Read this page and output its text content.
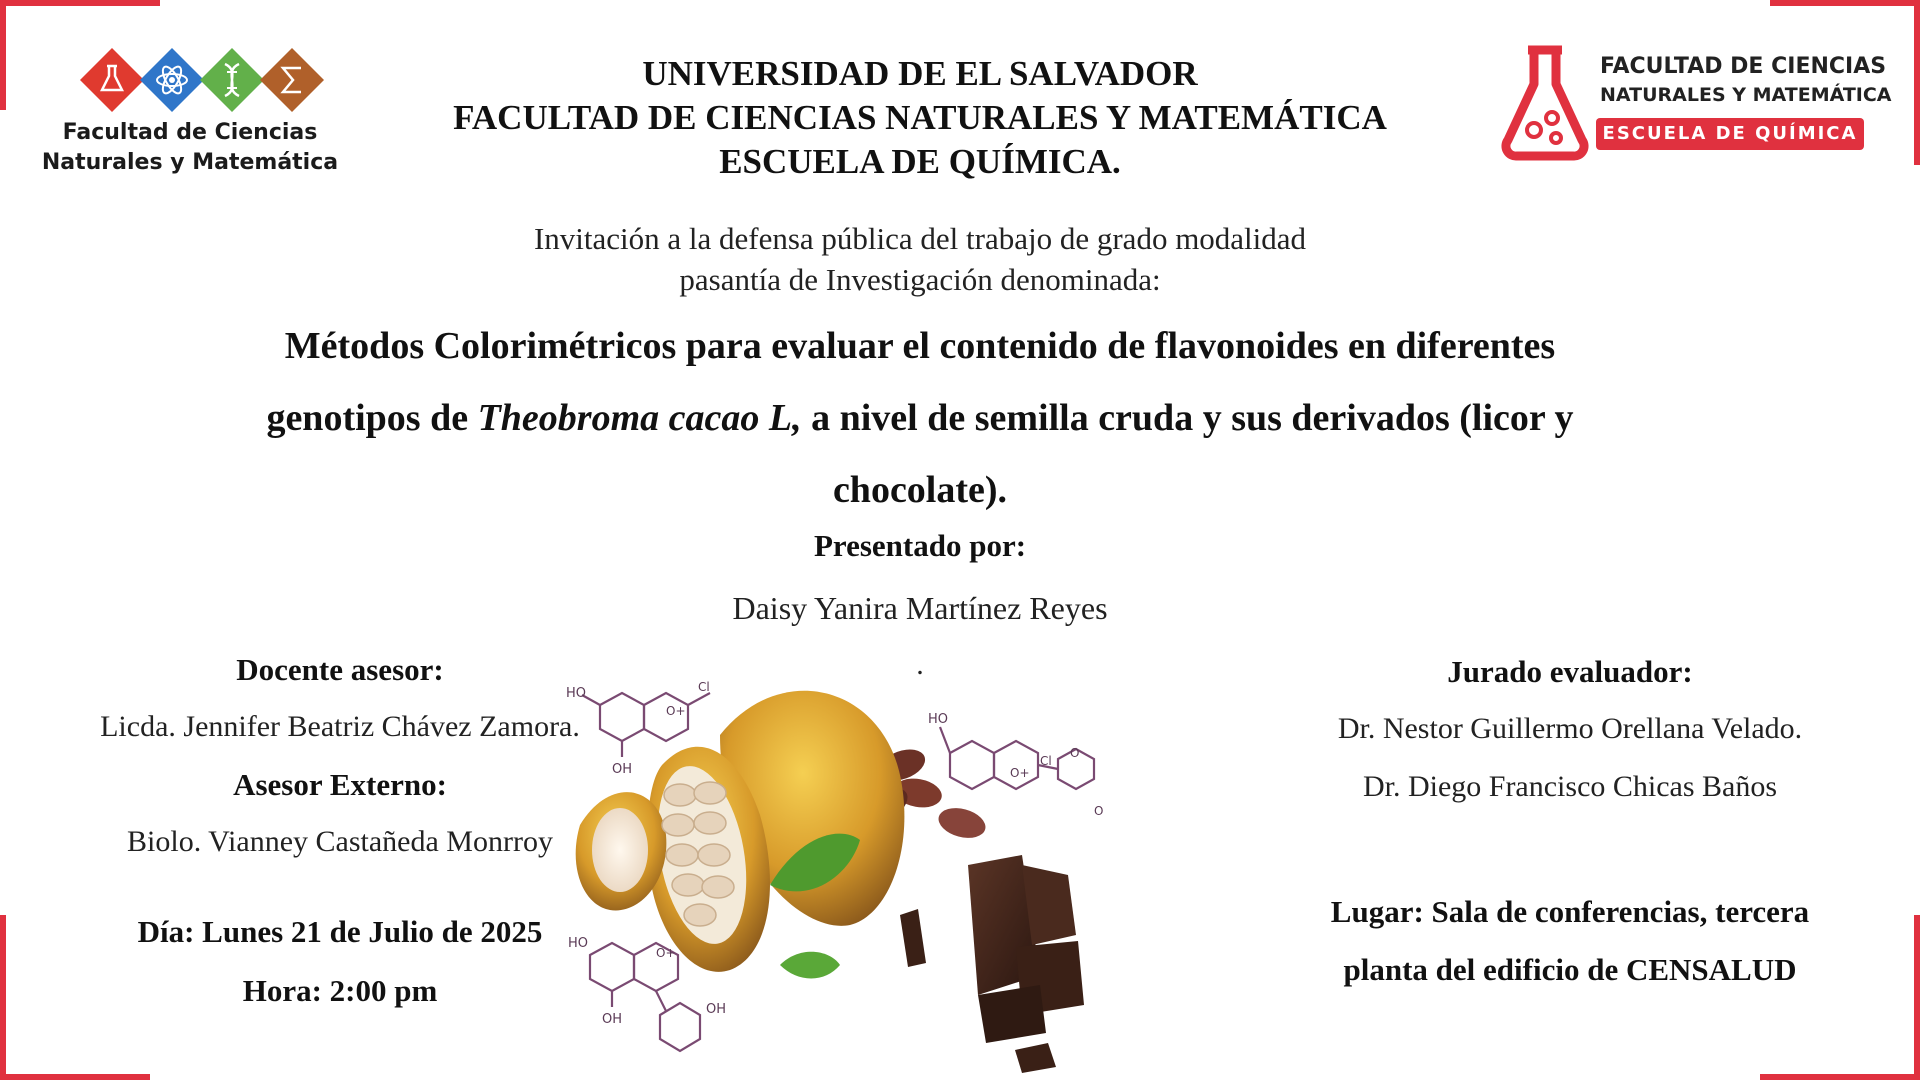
Facultad de Ciencias
Naturales y Matemática
UNIVERSIDAD DE EL SALVADOR
FACULTAD DE CIENCIAS NATURALES Y MATEMÁTICA
ESCUELA DE QUÍMICA.
FACULTAD DE CIENCIAS
NATURALES Y MATEMÁTICA
ESCUELA DE QUÍMICA
Invitación a la defensa pública del trabajo de grado modalidad
pasantía de Investigación denominada:
Métodos Colorimétricos para evaluar el contenido de flavonoides en diferentes
genotipos de Theobroma cacao L, a nivel de semilla cruda y sus derivados (licor y
chocolate).
Presentado por:
Daisy Yanira Martínez Reyes
.
Docente asesor:
Licda. Jennifer Beatriz Chávez Zamora.
Asesor Externo:
Biolo. Vianney Castañeda Monrroy
Día: Lunes 21 de Julio de 2025
Hora: 2:00 pm
Jurado evaluador:
Dr. Nestor Guillermo Orellana Velado.
Dr. Diego Francisco Chicas Baños
Lugar: Sala de conferencias, tercera
planta del edificio de CENSALUD
HO
OH
Cl
O+
HO
Cl
O+
HO
O+
OH
OH
O
O
